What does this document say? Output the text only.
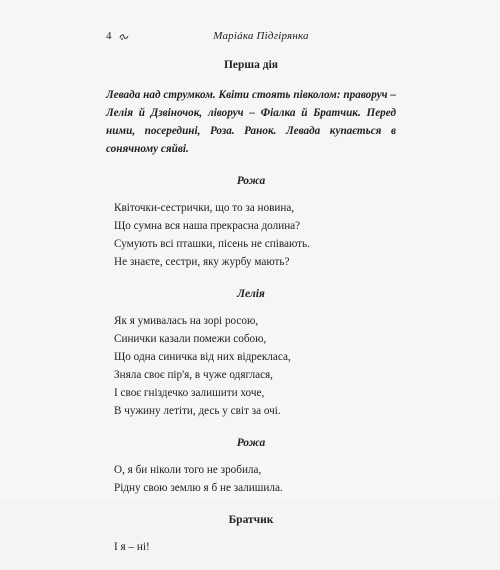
4	Маріáка Підгірянка
Перша дія
Левада над струмком. Квіти стоять півколом: праворуч – Лелія й Дзвіночок, ліворуч – Фіалка й Братчик. Перед ними, посередині, Роза. Ранок. Левада купається в сонячному сяйві.
Рожа
Квіточки-сестрички, що то за новина,
Що сумна вся наша прекрасна долина?
Сумують всі пташки, пісень не співають.
Не знаєте, сестри, яку журбу мають?
Лелія
Як я умивалась на зорі росою,
Синички казали помежи собою,
Що одна синичка від них відрекласа,
Зняла своє пір'я, в чуже одяглася,
І своє гніздечко залишити хоче,
В чужину летіти, десь у світ за очі.
Рожа
О, я би ніколи того не зробила,
Рідну свою землю я б не залишила.
Братчик
І я – ні!
